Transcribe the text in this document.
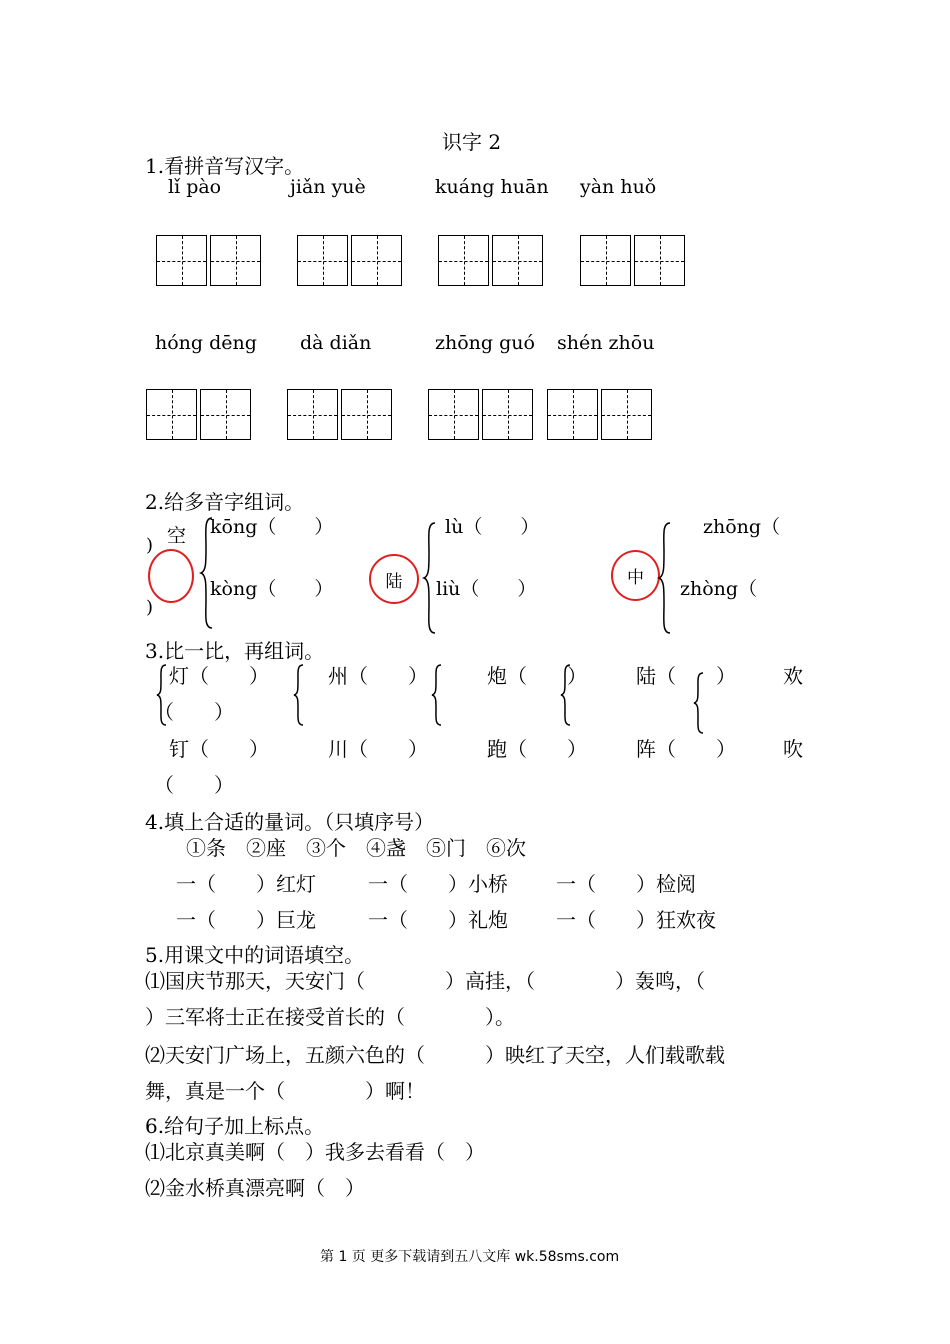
识字 2
1.看拼音写汉字。
lǐ pào	jiǎn yuè	kuáng huān yàn huǒ
hóng dēng dà diǎn	zhōng guó shén zhōu
2.给多音字组词。
空
)
)
kōng（　　）
kòng（　　）	陆
lù（　　）
liù（　　）	中
zhōng（
zhòng（
3.比一比，再组词。
灯（　　）	州（　　）	炮（　　） 陆（　　） 欢
（　　）
钉（　　）	川（　　）	跑（　　） 阵（　　） 吹
（　　）
4.填上合适的量词。（只填序号）
①条　②座　③个　④盏　⑤门　⑥次
一（　　）红灯	一（　　）小桥 一（　　）检阅
一（　　）巨龙	一（　　）礼炮 一（　　）狂欢夜
5.用课文中的词语填空。
⑴国庆节那天，天安门（　　　　）高挂，（　　　　）轰鸣，（
）三军将士正在接受首长的（　　　　）。
⑵天安门广场上，五颜六色的（　　　）映红了天空，人们载歌载
舞，真是一个（　　　　）啊！
6.给句子加上标点。
⑴北京真美啊（　）我多去看看（　）
⑵金水桥真漂亮啊（　）
第 1 页 更多下载请到五八文库 wk.58sms.com
